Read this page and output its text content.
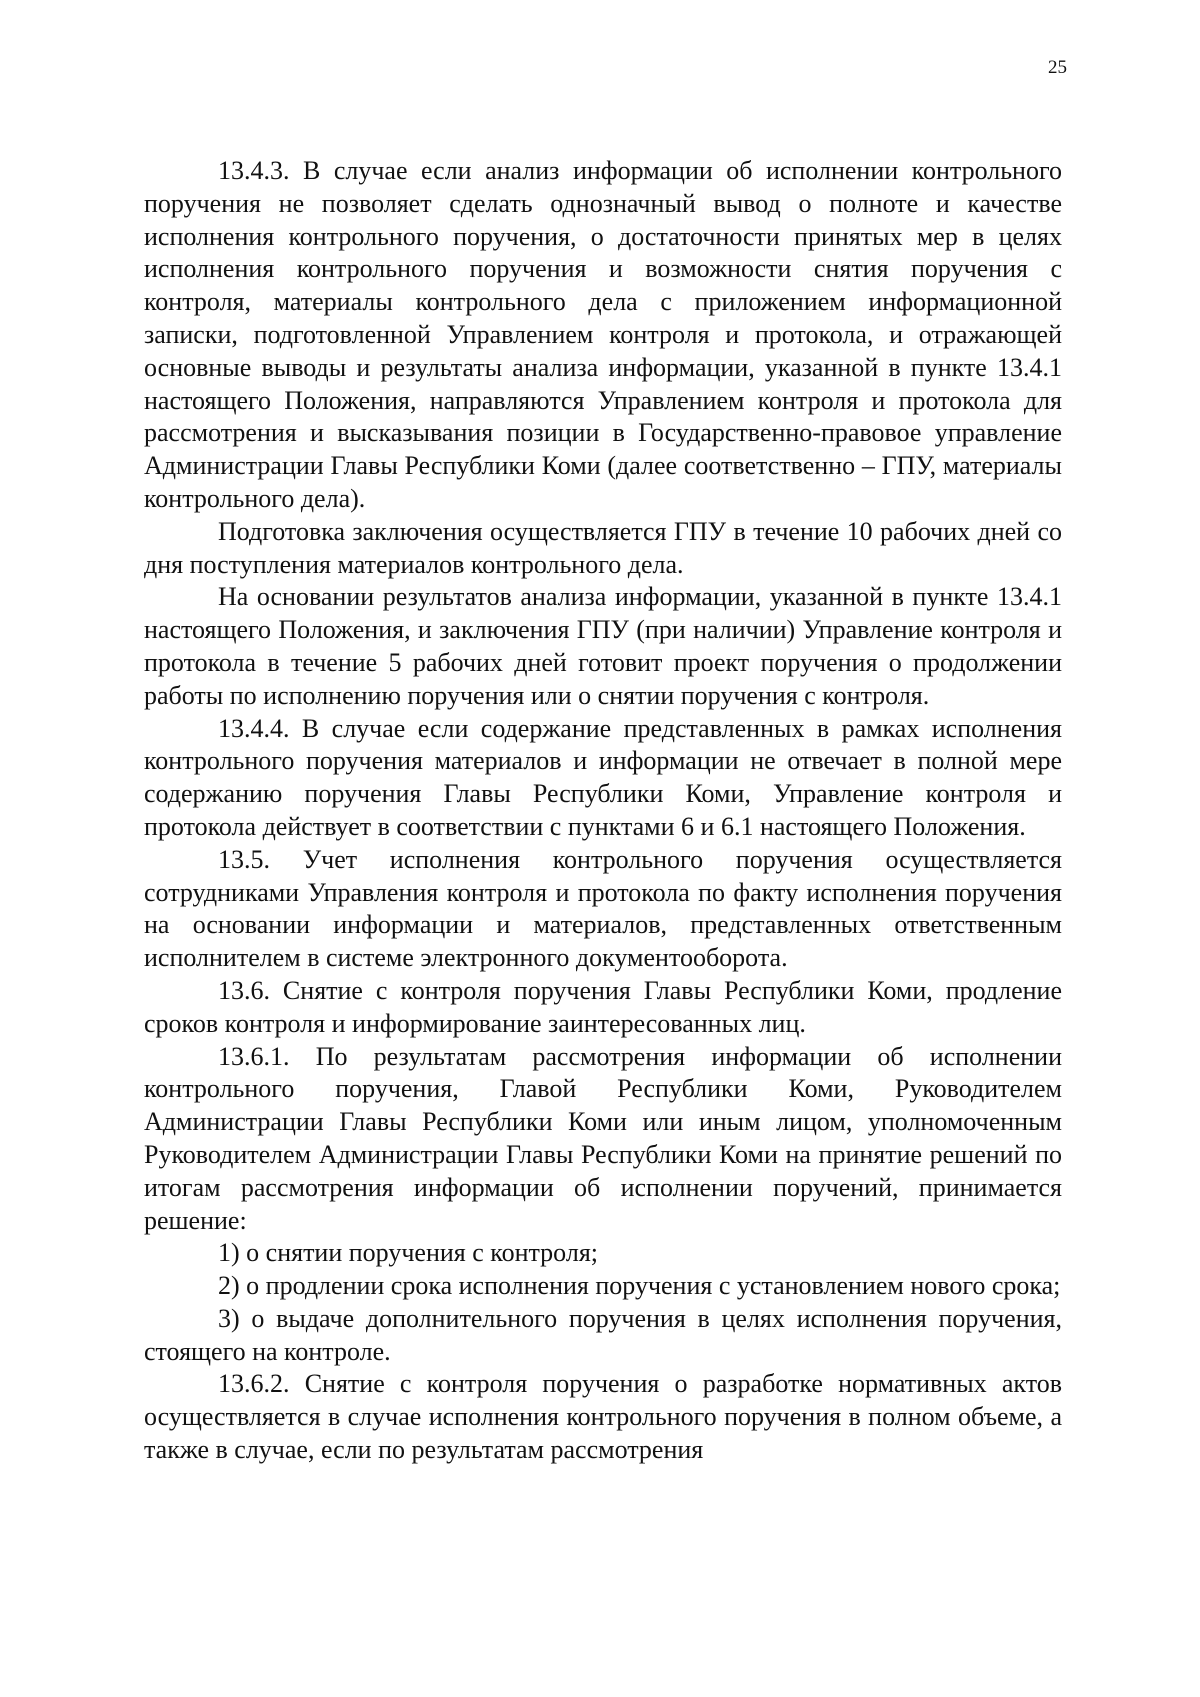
25

13.4.3. В случае если анализ информации об исполнении контрольного поручения не позволяет сделать однозначный вывод о полноте и качестве исполнения контрольного поручения, о достаточности принятых мер в целях исполнения контрольного поручения и возможности снятия поручения с контроля, материалы контрольного дела с приложением информационной записки, подготовленной Управлением контроля и протокола, и отражающей основные выводы и результаты анализа информации, указанной в пункте 13.4.1 настоящего Положения, направляются Управлением контроля и протокола для рассмотрения и высказывания позиции в Государственно-правовое управление Администрации Главы Республики Коми (далее соответственно – ГПУ, материалы контрольного дела).

Подготовка заключения осуществляется ГПУ в течение 10 рабочих дней со дня поступления материалов контрольного дела.

На основании результатов анализа информации, указанной в пункте 13.4.1 настоящего Положения, и заключения ГПУ (при наличии) Управление контроля и протокола в течение 5 рабочих дней готовит проект поручения о продолжении работы по исполнению поручения или о снятии поручения с контроля.

13.4.4. В случае если содержание представленных в рамках исполнения контрольного поручения материалов и информации не отвечает в полной мере содержанию поручения Главы Республики Коми, Управление контроля и протокола действует в соответствии с пунктами 6 и 6.1 настоящего Положения.

13.5. Учет исполнения контрольного поручения осуществляется сотрудниками Управления контроля и протокола по факту исполнения поручения на основании информации и материалов, представленных ответственным исполнителем в системе электронного документооборота.

13.6. Снятие с контроля поручения Главы Республики Коми, продление сроков контроля и информирование заинтересованных лиц.

13.6.1. По результатам рассмотрения информации об исполнении контрольного поручения, Главой Республики Коми, Руководителем Администрации Главы Республики Коми или иным лицом, уполномоченным Руководителем Администрации Главы Республики Коми на принятие решений по итогам рассмотрения информации об исполнении поручений, принимается решение:

1) о снятии поручения с контроля;

2) о продлении срока исполнения поручения с установлением нового срока;

3) о выдаче дополнительного поручения в целях исполнения поручения, стоящего на контроле.

13.6.2. Снятие с контроля поручения о разработке нормативных актов осуществляется в случае исполнения контрольного поручения в полном объеме, а также в случае, если по результатам рассмотрения
